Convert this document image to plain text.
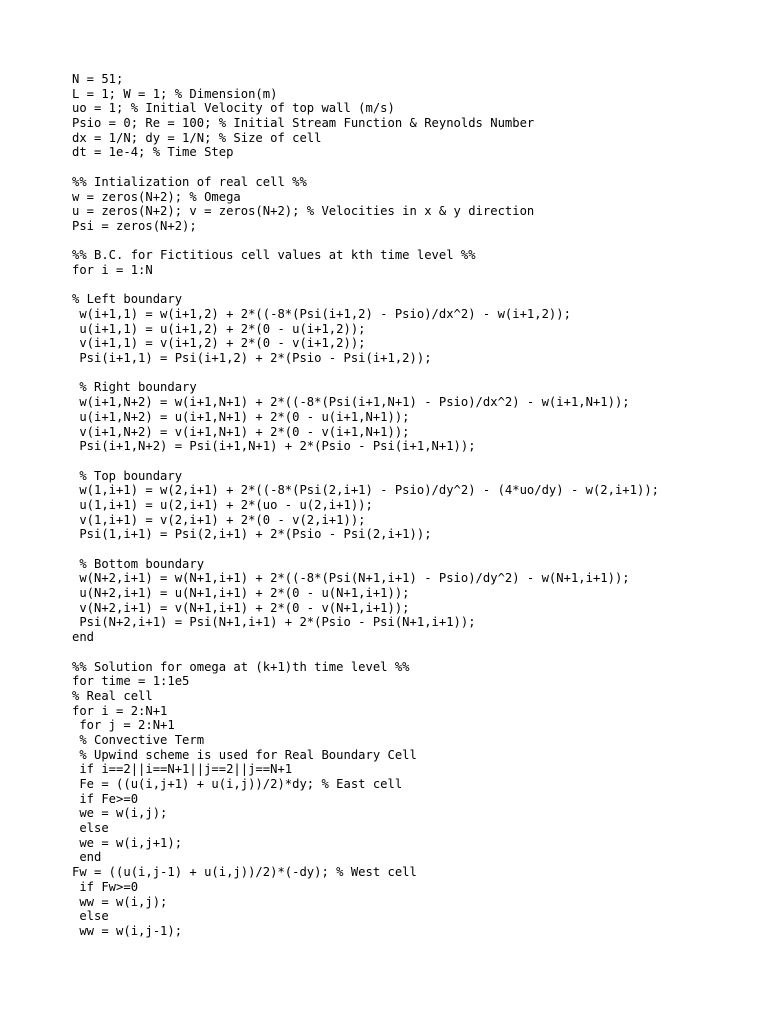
N = 51;
L = 1; W = 1; % Dimension(m)
uo = 1; % Initial Velocity of top wall (m/s)
Psio = 0; Re = 100; % Initial Stream Function & Reynolds Number
dx = 1/N; dy = 1/N; % Size of cell
dt = 1e-4; % Time Step
%% Intialization of real cell %%
w = zeros(N+2); % Omega
u = zeros(N+2); v = zeros(N+2); % Velocities in x & y direction
Psi = zeros(N+2);
%% B.C. for Fictitious cell values at kth time level %%
for i = 1:N
% Left boundary
w(i+1,1) = w(i+1,2) + 2*((-8*(Psi(i+1,2) - Psio)/dx^2) - w(i+1,2));
u(i+1,1) = u(i+1,2) + 2*(0 - u(i+1,2));
v(i+1,1) = v(i+1,2) + 2*(0 - v(i+1,2));
Psi(i+1,1) = Psi(i+1,2) + 2*(Psio - Psi(i+1,2));
% Right boundary
w(i+1,N+2) = w(i+1,N+1) + 2*((-8*(Psi(i+1,N+1) - Psio)/dx^2) - w(i+1,N+1));
u(i+1,N+2) = u(i+1,N+1) + 2*(0 - u(i+1,N+1));
v(i+1,N+2) = v(i+1,N+1) + 2*(0 - v(i+1,N+1));
Psi(i+1,N+2) = Psi(i+1,N+1) + 2*(Psio - Psi(i+1,N+1));
% Top boundary
w(1,i+1) = w(2,i+1) + 2*((-8*(Psi(2,i+1) - Psio)/dy^2) - (4*uo/dy) - w(2,i+1));
u(1,i+1) = u(2,i+1) + 2*(uo - u(2,i+1));
v(1,i+1) = v(2,i+1) + 2*(0 - v(2,i+1));
Psi(1,i+1) = Psi(2,i+1) + 2*(Psio - Psi(2,i+1));
% Bottom boundary
w(N+2,i+1) = w(N+1,i+1) + 2*((-8*(Psi(N+1,i+1) - Psio)/dy^2) - w(N+1,i+1));
u(N+2,i+1) = u(N+1,i+1) + 2*(0 - u(N+1,i+1));
v(N+2,i+1) = v(N+1,i+1) + 2*(0 - v(N+1,i+1));
Psi(N+2,i+1) = Psi(N+1,i+1) + 2*(Psio - Psi(N+1,i+1));
end
%% Solution for omega at (k+1)th time level %%
for time = 1:1e5
% Real cell
for i = 2:N+1
for j = 2:N+1
% Convective Term
% Upwind scheme is used for Real Boundary Cell
if i==2||i==N+1||j==2||j==N+1
Fe = ((u(i,j+1) + u(i,j))/2)*dy; % East cell
if Fe>=0
we = w(i,j);
else
we = w(i,j+1);
end
Fw = ((u(i,j-1) + u(i,j))/2)*(-dy); % West cell
if Fw>=0
ww = w(i,j);
else
ww = w(i,j-1);
